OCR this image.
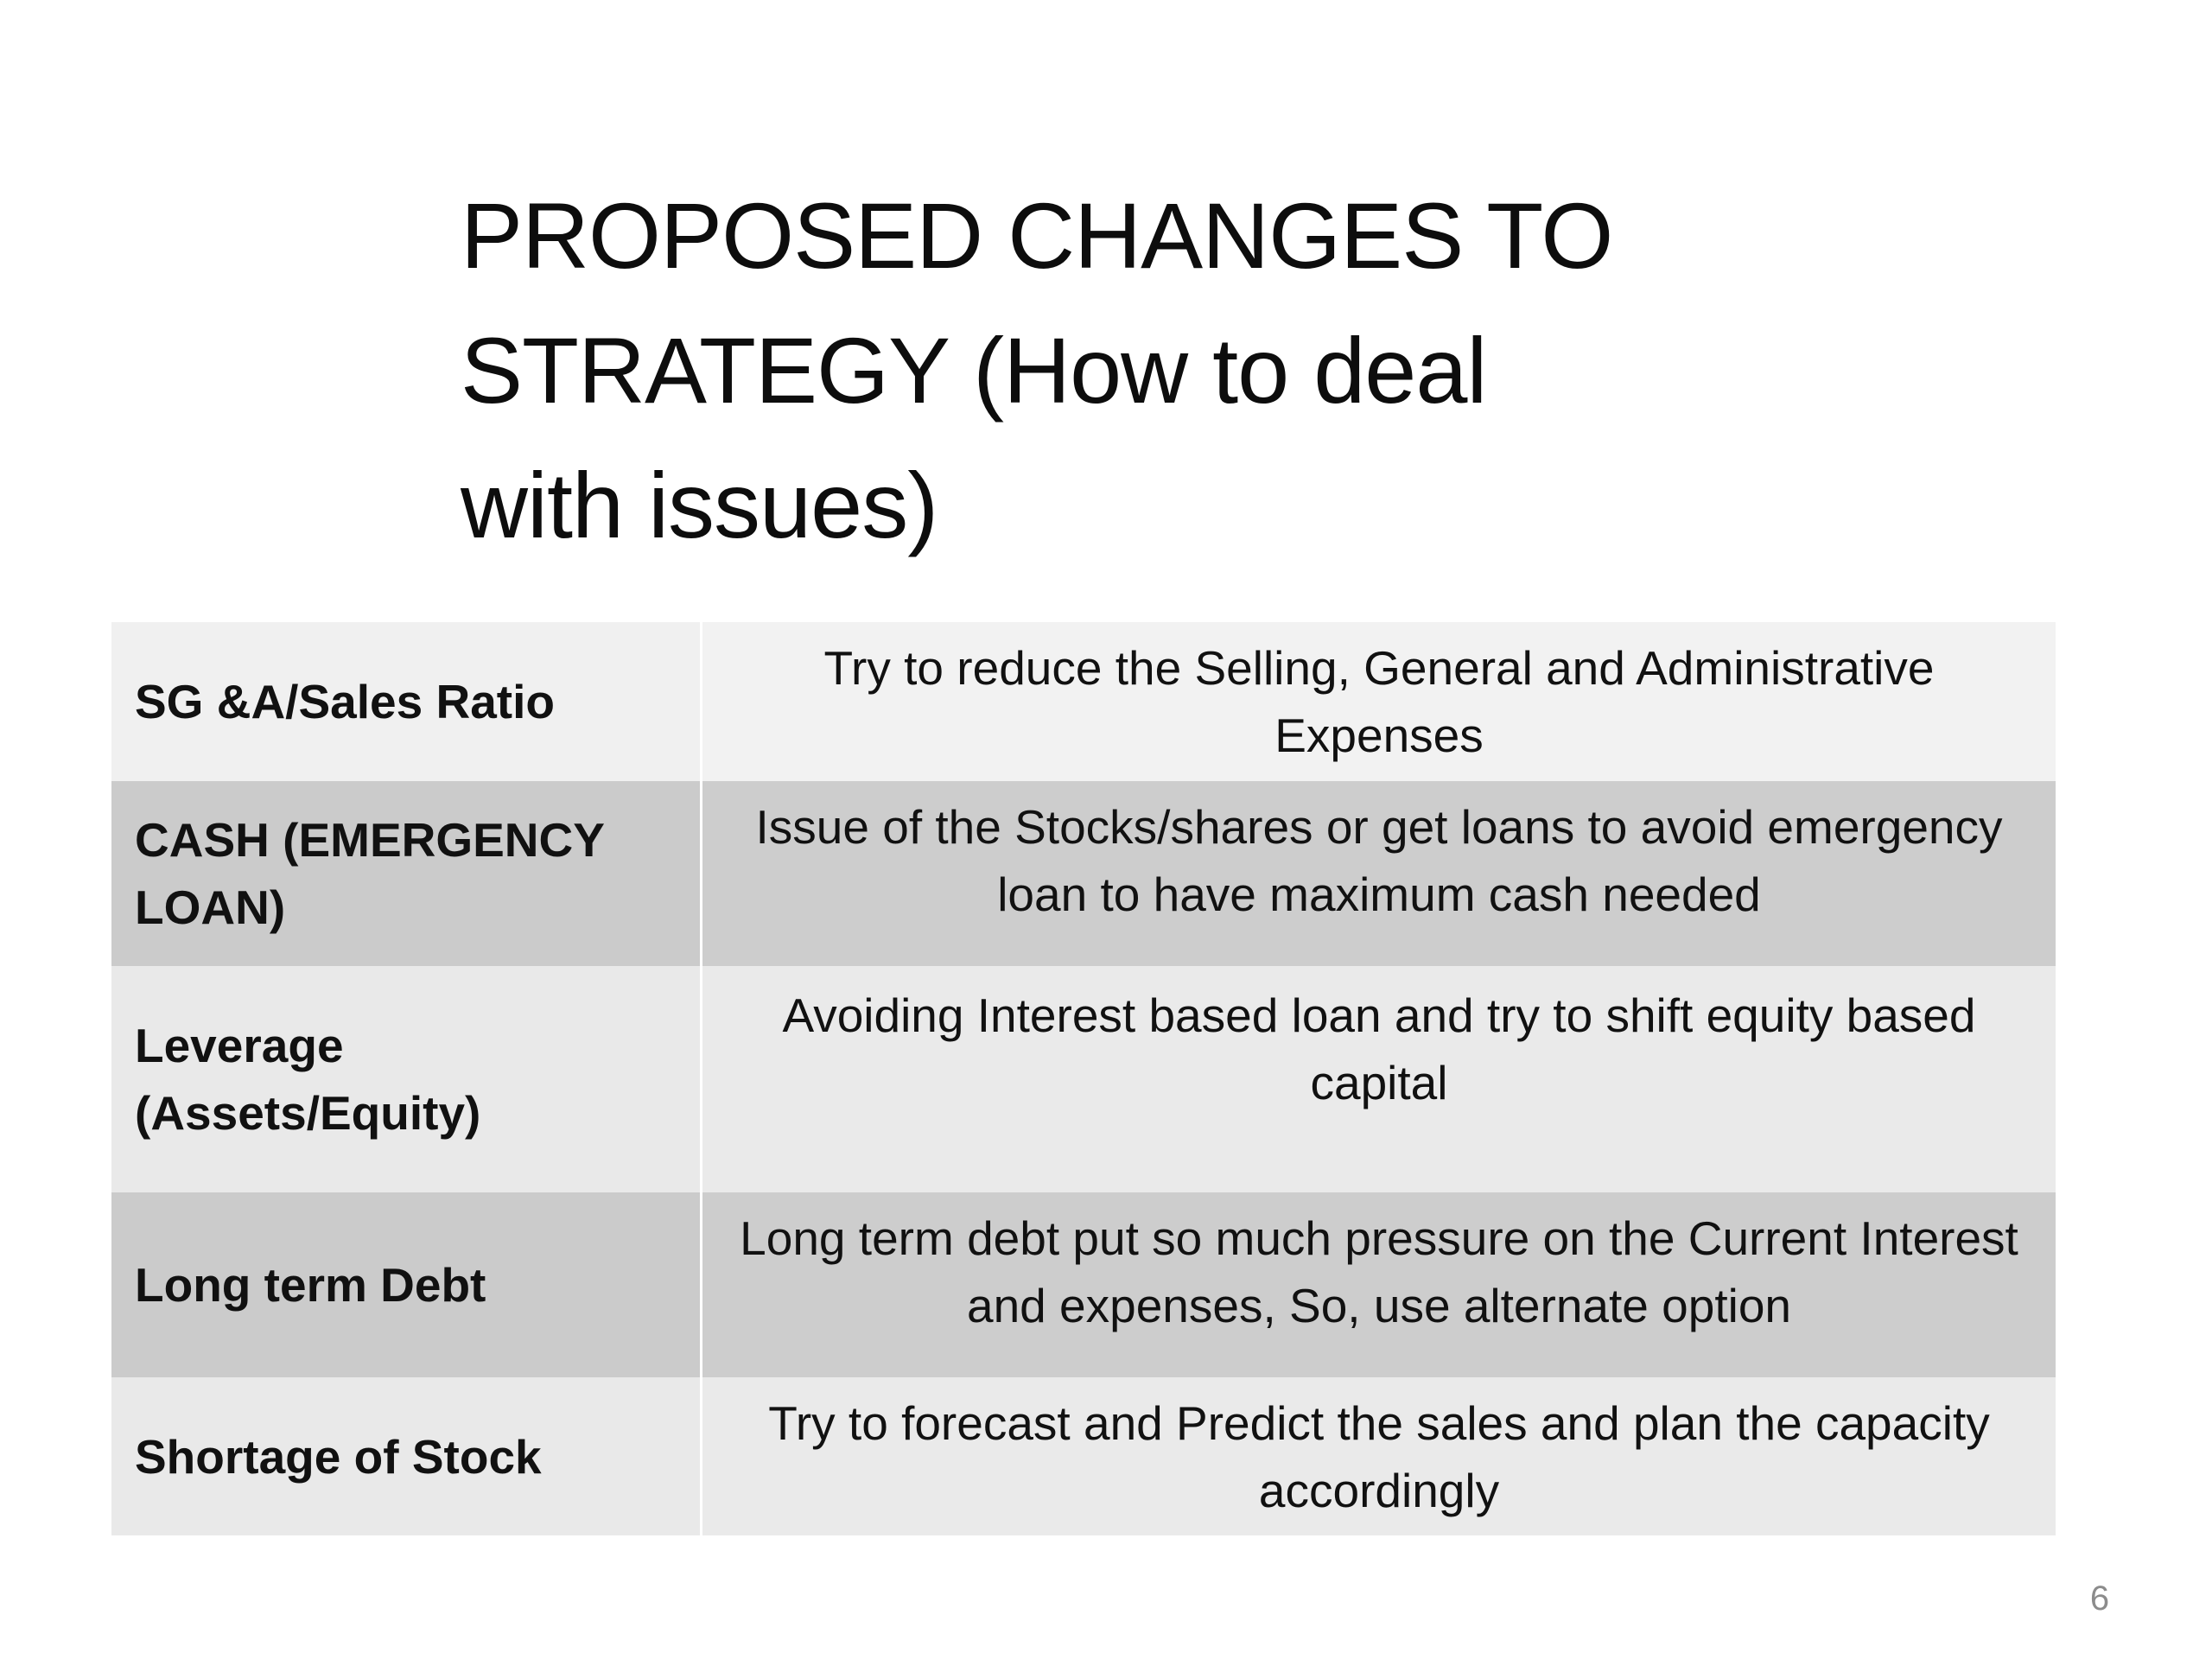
PROPOSED CHANGES TO STRATEGY (How to deal with issues)
SG &A/Sales Ratio
Try to reduce the Selling, General and Administrative Expenses
CASH (EMERGENCY LOAN)
Issue of the Stocks/shares or get loans to avoid emergency loan to have maximum cash needed
Leverage (Assets/Equity)
Avoiding Interest based loan and try to shift equity based capital
Long term Debt
Long term debt put so much pressure on the Current Interest and expenses, So, use alternate option
Shortage of Stock
Try to forecast and Predict the sales and plan the capacity accordingly
6
